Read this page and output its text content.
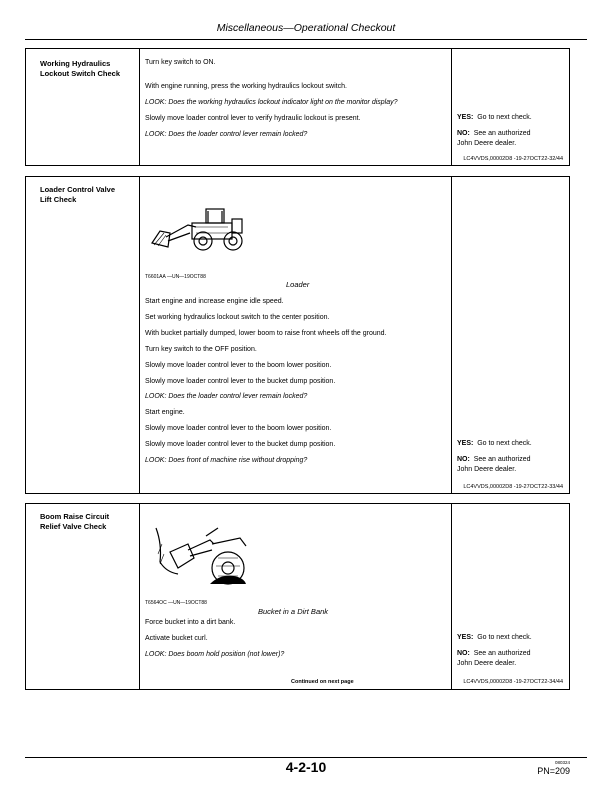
Miscellaneous—Operational Checkout
Working Hydraulics
Lockout Switch Check
Turn key switch to ON.
With engine running, press the working hydraulics lockout switch.
LOOK: Does the working hydraulics lockout indicator light on the monitor display?
Slowly move loader control lever to verify hydraulic lockout is present.
LOOK: Does the loader control lever remain locked?
YES: Go to next check.
NO: See an authorized
John Deere dealer.
LC4VVDS,00002D8 -19-27OCT22-32/44
Loader Control Valve
Lift Check
T6601AA —UN—19OCT88
Loader
Start engine and increase engine idle speed.
Set working hydraulics lockout switch to the center position.
With bucket partially dumped, lower boom to raise front wheels off the ground.
Turn key switch to the OFF position.
Slowly move loader control lever to the boom lower position.
Slowly move loader control lever to the bucket dump position.
LOOK: Does the loader control lever remain locked?
Start engine.
Slowly move loader control lever to the boom lower position.
Slowly move loader control lever to the bucket dump position.
LOOK: Does front of machine rise without dropping?
YES: Go to next check.
NO: See an authorized
John Deere dealer.
LC4VVDS,00002D8 -19-27OCT22-33/44
Boom Raise Circuit
Relief Valve Check
T6564OC —UN—19OCT88
Bucket in a Dirt Bank
Force bucket into a dirt bank.
Activate bucket curl.
LOOK: Does boom hold position (not lower)?
YES: Go to next check.
NO: See an authorized
John Deere dealer.
Continued on next page	LC4VVDS,00002D8 -19-27OCT22-34/44
4-2-10	080324
PN=209
